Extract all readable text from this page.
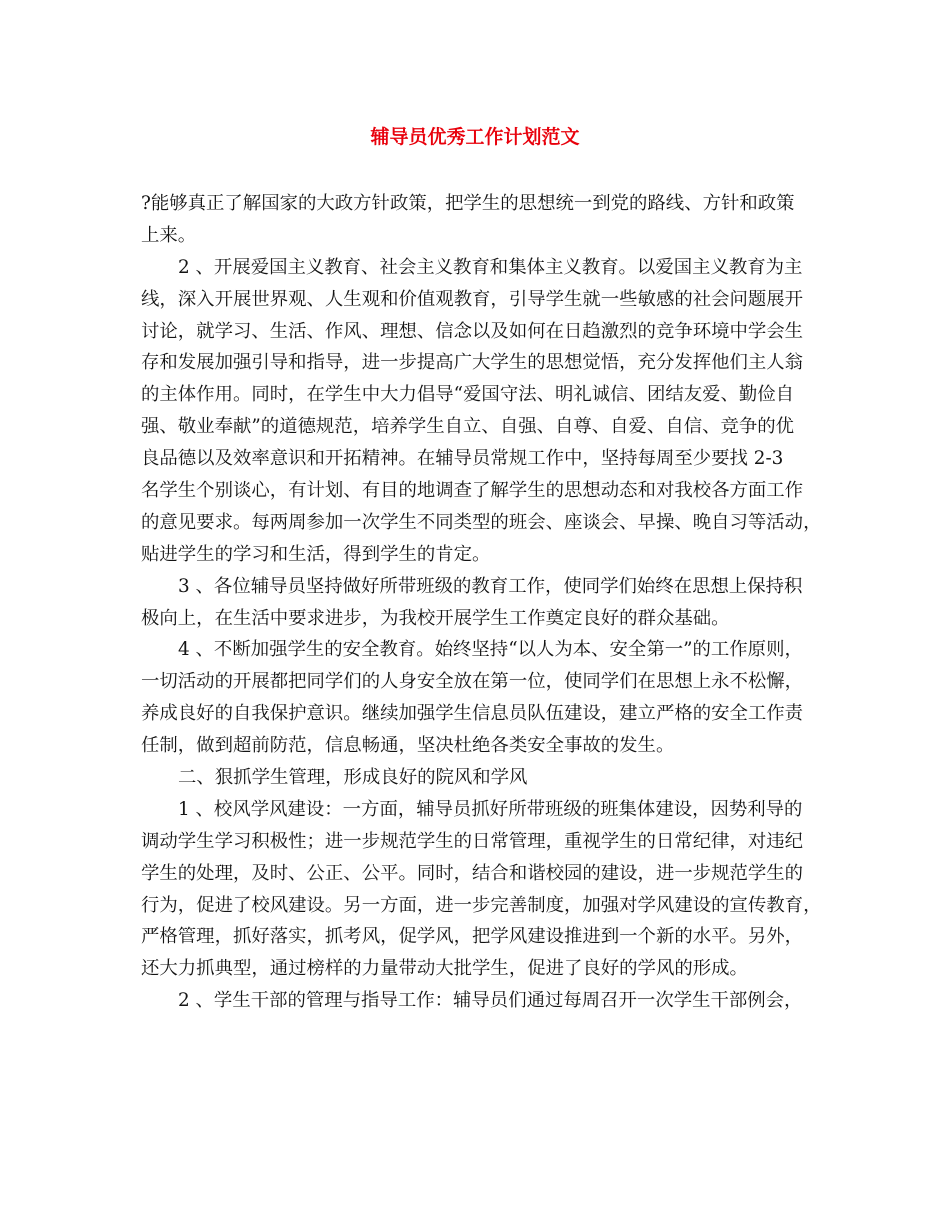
辅导员优秀工作计划范文
?能够真正了解国家的大政方针政策，把学生的思想统一到党的路线、方针和政策
上来。
2 、开展爱国主义教育、社会主义教育和集体主义教育。以爱国主义教育为主
线，深入开展世界观、人生观和价值观教育，引导学生就一些敏感的社会问题展开
讨论，就学习、生活、作风、理想、信念以及如何在日趋激烈的竞争环境中学会生
存和发展加强引导和指导，进一步提高广大学生的思想觉悟，充分发挥他们主人翁
的主体作用。同时，在学生中大力倡导“爱国守法、明礼诚信、团结友爱、勤俭自
强、敬业奉献”的道德规范，培养学生自立、自强、自尊、自爱、自信、竞争的优
良品德以及效率意识和开拓精神。在辅导员常规工作中，坚持每周至少要找 2-3
名学生个别谈心，有计划、有目的地调查了解学生的思想动态和对我校各方面工作
的意见要求。每两周参加一次学生不同类型的班会、座谈会、早操、晚自习等活动，
贴进学生的学习和生活，得到学生的肯定。
3 、各位辅导员坚持做好所带班级的教育工作，使同学们始终在思想上保持积
极向上，在生活中要求进步，为我校开展学生工作奠定良好的群众基础。
4 、不断加强学生的安全教育。始终坚持“以人为本、安全第一”的工作原则，
一切活动的开展都把同学们的人身安全放在第一位，使同学们在思想上永不松懈，
养成良好的自我保护意识。继续加强学生信息员队伍建设，建立严格的安全工作责
任制，做到超前防范，信息畅通，坚决杜绝各类安全事故的发生。
二、狠抓学生管理，形成良好的院风和学风
1 、校风学风建设：一方面，辅导员抓好所带班级的班集体建设，因势利导的
调动学生学习积极性；进一步规范学生的日常管理，重视学生的日常纪律，对违纪
学生的处理，及时、公正、公平。同时，结合和谐校园的建设，进一步规范学生的
行为，促进了校风建设。另一方面，进一步完善制度，加强对学风建设的宣传教育，
严格管理，抓好落实，抓考风，促学风，把学风建设推进到一个新的水平。另外，
还大力抓典型，通过榜样的力量带动大批学生，促进了良好的学风的形成。
2 、学生干部的管理与指导工作：辅导员们通过每周召开一次学生干部例会，
